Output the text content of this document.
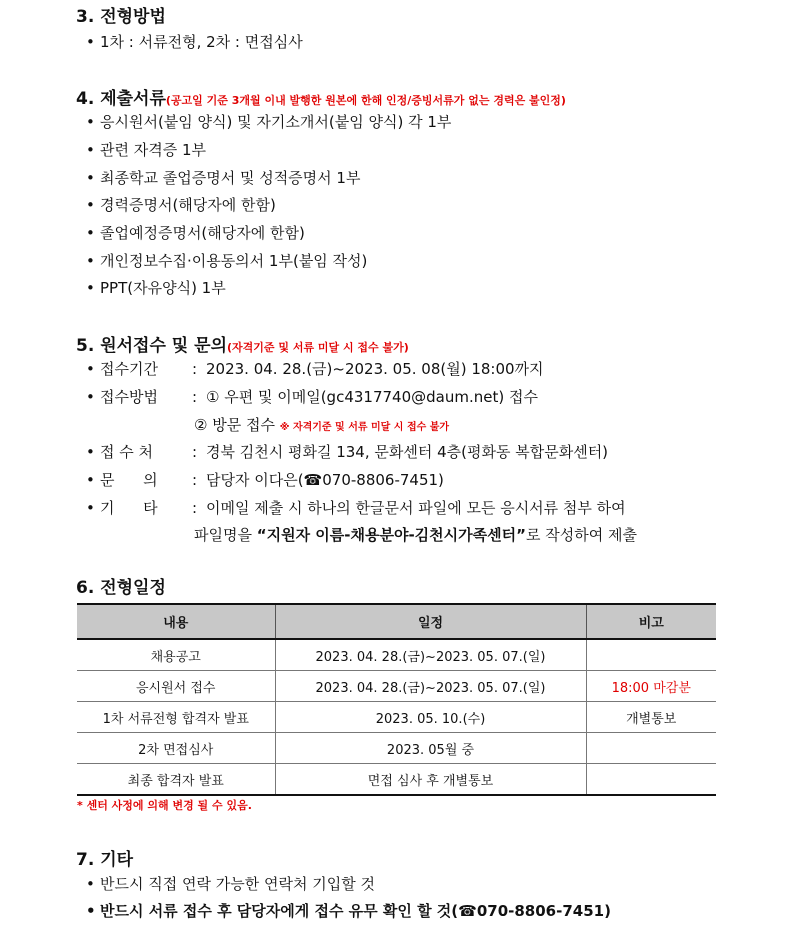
3. 전형방법
• 1차 : 서류전형, 2차 : 면접심사
4. 제출서류(공고일 기준 3개월 이내 발행한 원본에 한해 인정/증빙서류가 없는 경력은 불인정)
• 응시원서(붙임 양식) 및 자기소개서(붙임 양식) 각 1부
• 관련 자격증 1부
• 최종학교 졸업증명서 및 성적증명서 1부
• 경력증명서(해당자에 한함)
• 졸업예정증명서(해당자에 한함)
• 개인정보수집·이용동의서 1부(붙임 작성)
• PPT(자유양식) 1부
5. 원서접수 및 문의(자격기준 및 서류 미달 시 접수 불가)
• 접수기간 : 2023. 04. 28.(금)~2023. 05. 08(월) 18:00까지
• 접수방법 : ① 우편 및 이메일(gc4317740@daum.net) 접수
② 방문 접수 ※ 자격기준 및 서류 미달 시 접수 불가
• 접 수 처	: 경북 김천시 평화길 134, 문화센터 4층(평화동 복합문화센터)
• 문      의 : 담당자 이다은(☎070-8806-7451)
• 기      타 : 이메일 제출 시 하나의 한글문서 파일에 모든 응시서류 첨부 하여
파일명을 “지원자 이름-채용분야-김천시가족센터”로 작성하여 제출
6. 전형일정
내용	일정	비고
채용공고	2023. 04. 28.(금)~2023. 05. 07.(일)	
응시원서 접수	2023. 04. 28.(금)~2023. 05. 07.(일)	18:00 마감분
1차 서류전형 합격자 발표	2023. 05. 10.(수)	개별통보
2차 면접심사	2023. 05월 중	
최종 합격자 발표	면접 심사 후 개별통보	
* 센터 사정에 의해 변경 될 수 있음.
7. 기타
• 반드시 직접 연락 가능한 연락처 기입할 것
• 반드시 서류 접수 후 담당자에게 접수 유무 확인 할 것(☎070-8806-7451)
